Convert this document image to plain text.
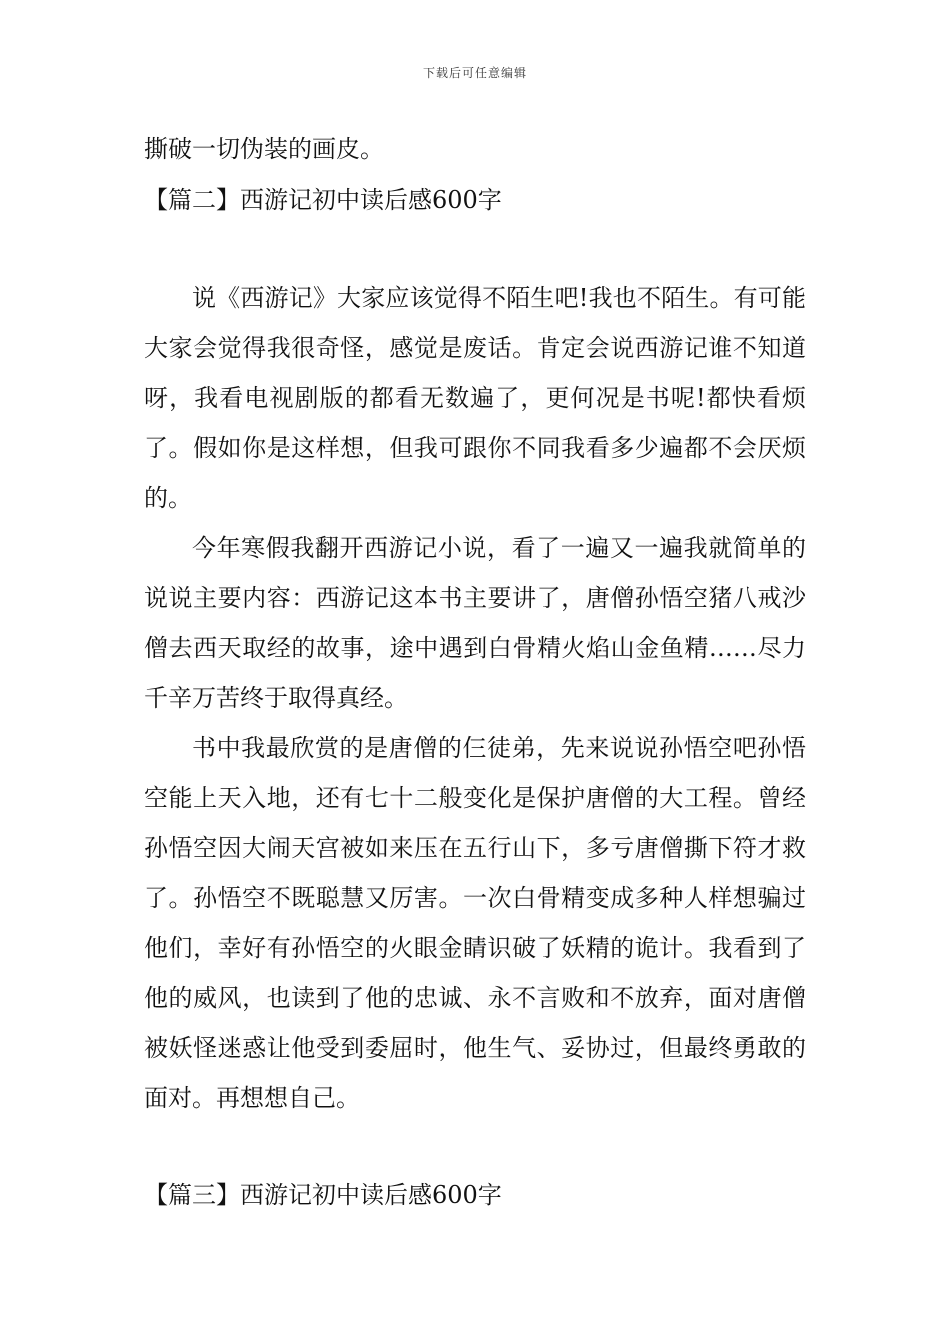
下载后可任意编辑
撕破一切伪装的画皮。
【篇二】西游记初中读后感600字

说《西游记》大家应该觉得不陌生吧!我也不陌生。有可能大家会觉得我很奇怪，感觉是废话。肯定会说西游记谁不知道呀，我看电视剧版的都看无数遍了，更何况是书呢!都快看烦了。假如你是这样想，但我可跟你不同我看多少遍都不会厌烦的。

今年寒假我翻开西游记小说，看了一遍又一遍我就简单的说说主要内容：西游记这本书主要讲了，唐僧孙悟空猪八戒沙僧去西天取经的故事，途中遇到白骨精火焰山金鱼精……尽力千辛万苦终于取得真经。

书中我最欣赏的是唐僧的仨徒弟，先来说说孙悟空吧孙悟空能上天入地，还有七十二般变化是保护唐僧的大工程。曾经孙悟空因大闹天宫被如来压在五行山下，多亏唐僧撕下符才救了。孙悟空不既聪慧又厉害。一次白骨精变成多种人样想骗过他们，幸好有孙悟空的火眼金睛识破了妖精的诡计。我看到了他的威风，也读到了他的忠诚、永不言败和不放弃，面对唐僧被妖怪迷惑让他受到委屈时，他生气、妥协过，但最终勇敢的面对。再想想自己。

【篇三】西游记初中读后感600字
